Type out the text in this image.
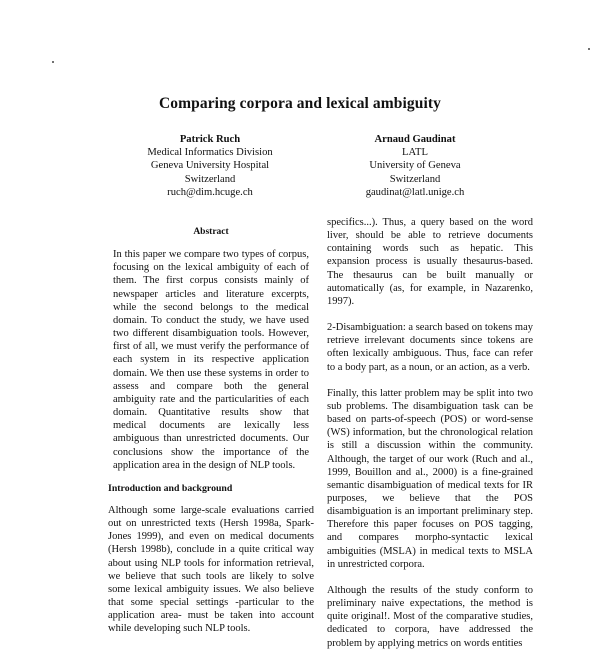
Comparing corpora and lexical ambiguity
Patrick Ruch
Medical Informatics Division
Geneva University Hospital
Switzerland
ruch@dim.hcuge.ch
Arnaud Gaudinat
LATL
University of Geneva
Switzerland
gaudinat@latl.unige.ch
Abstract

In this paper we compare two types of corpus, focusing on the lexical ambiguity of each of them. The first corpus consists mainly of newspaper articles and literature excerpts, while the second belongs to the medical domain. To conduct the study, we have used two different disambiguation tools. However, first of all, we must verify the performance of each system in its respective application domain. We then use these systems in order to assess and compare both the general ambiguity rate and the particularities of each domain. Quantitative results show that medical documents are lexically less ambiguous than unrestricted documents. Our conclusions show the importance of the application area in the design of NLP tools.

Introduction and background

Although some large-scale evaluations carried out on unrestricted texts (Hersh 1998a, Spark-Jones 1999), and even on medical documents (Hersh 1998b), conclude in a quite critical way about using NLP tools for information retrieval, we believe that such tools are likely to solve some lexical ambiguity issues. We also believe that some special settings -particular to the application area- must be taken into account while developing such NLP tools.

specifics...). Thus, a query based on the word liver, should be able to retrieve documents containing words such as hepatic. This expansion process is usually thesaurus-based. The thesaurus can be built manually or automatically (as, for example, in Nazarenko, 1997).

2-Disambiguation: a search based on tokens may retrieve irrelevant documents since tokens are often lexically ambiguous. Thus, face can refer to a body part, as a noun, or an action, as a verb.

Finally, this latter problem may be split into two sub problems. The disambiguation task can be based on parts-of-speech (POS) or word-sense (WS) information, but the chronological relation is still a discussion within the community. Although, the target of our work (Ruch and al., 1999, Bouillon and al., 2000) is a fine-grained semantic disambiguation of medical texts for IR purposes, we believe that the POS disambiguation is an important preliminary step. Therefore this paper focuses on POS tagging, and compares morpho-syntactic lexical ambiguities (MSLA) in medical texts to MSLA in unrestricted corpora.

Although the results of the study conform to preliminary naive expectations, the method is quite original!. Most of the comparative studies, dedicated to corpora, have addressed the problem by applying metrics on words entities
